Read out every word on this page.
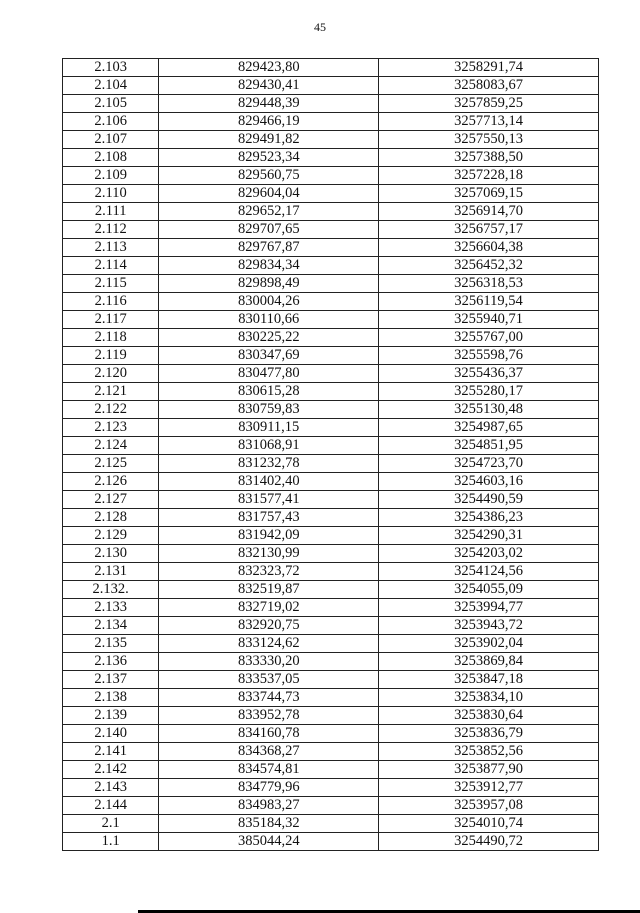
45
2.103	829423,80	3258291,74
2.104	829430,41	3258083,67
2.105	829448,39	3257859,25
2.106	829466,19	3257713,14
2.107	829491,82	3257550,13
2.108	829523,34	3257388,50
2.109	829560,75	3257228,18
2.110	829604,04	3257069,15
2.111	829652,17	3256914,70
2.112	829707,65	3256757,17
2.113	829767,87	3256604,38
2.114	829834,34	3256452,32
2.115	829898,49	3256318,53
2.116	830004,26	3256119,54
2.117	830110,66	3255940,71
2.118	830225,22	3255767,00
2.119	830347,69	3255598,76
2.120	830477,80	3255436,37
2.121	830615,28	3255280,17
2.122	830759,83	3255130,48
2.123	830911,15	3254987,65
2.124	831068,91	3254851,95
2.125	831232,78	3254723,70
2.126	831402,40	3254603,16
2.127	831577,41	3254490,59
2.128	831757,43	3254386,23
2.129	831942,09	3254290,31
2.130	832130,99	3254203,02
2.131	832323,72	3254124,56
2.132.	832519,87	3254055,09
2.133	832719,02	3253994,77
2.134	832920,75	3253943,72
2.135	833124,62	3253902,04
2.136	833330,20	3253869,84
2.137	833537,05	3253847,18
2.138	833744,73	3253834,10
2.139	833952,78	3253830,64
2.140	834160,78	3253836,79
2.141	834368,27	3253852,56
2.142	834574,81	3253877,90
2.143	834779,96	3253912,77
2.144	834983,27	3253957,08
2.1	835184,32	3254010,74
1.1	385044,24	3254490,72
